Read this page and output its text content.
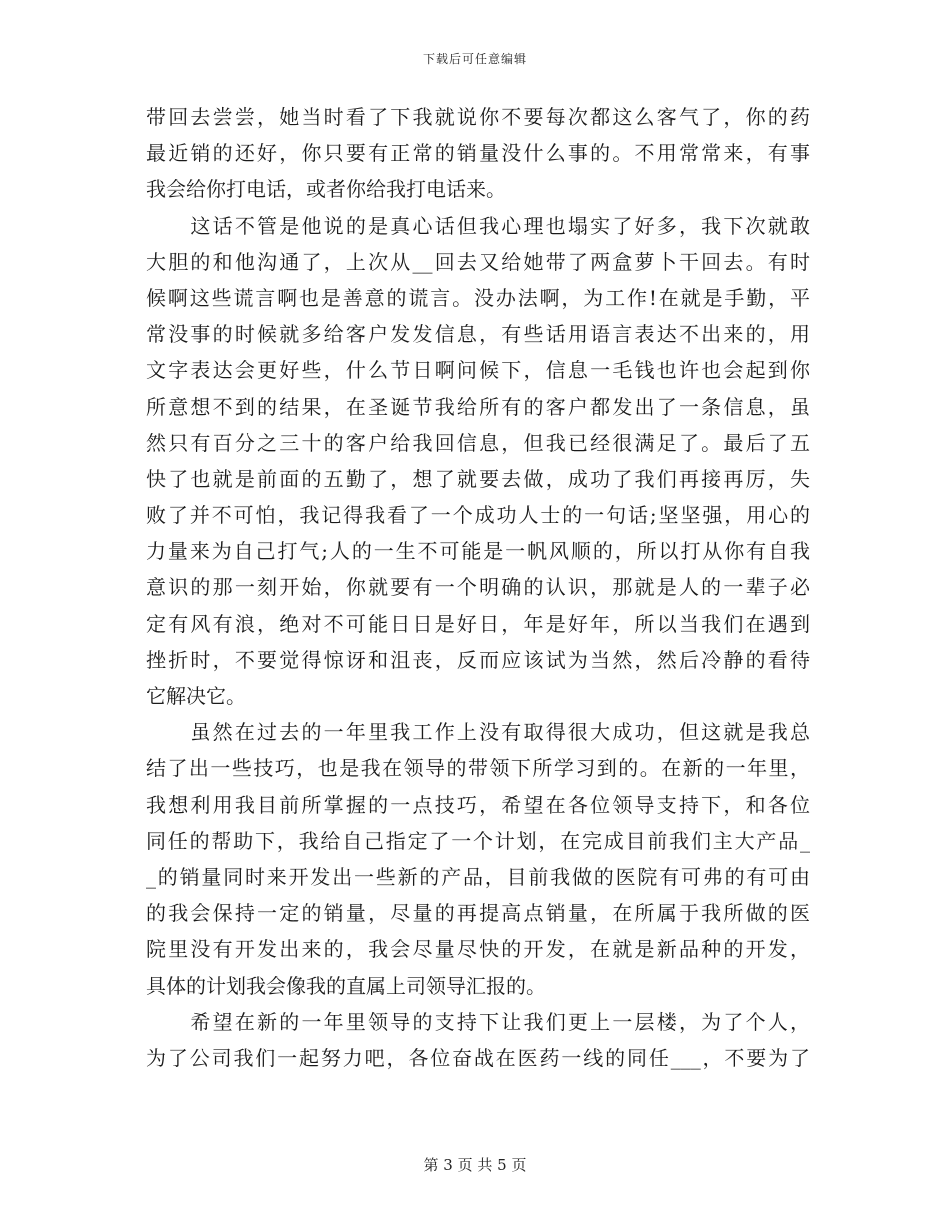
下载后可任意编辑
带回去尝尝，她当时看了下我就说你不要每次都这么客气了，你的药
最近销的还好，你只要有正常的销量没什么事的。不用常常来，有事
我会给你打电话，或者你给我打电话来。
　　这话不管是他说的是真心话但我心理也塌实了好多，我下次就敢
大胆的和他沟通了，上次从__回去又给她带了两盒萝卜干回去。有时
候啊这些谎言啊也是善意的谎言。没办法啊，为工作!在就是手勤，平
常没事的时候就多给客户发发信息，有些话用语言表达不出来的，用
文字表达会更好些，什么节日啊问候下，信息一毛钱也许也会起到你
所意想不到的结果，在圣诞节我给所有的客户都发出了一条信息，虽
然只有百分之三十的客户给我回信息，但我已经很满足了。最后了五
快了也就是前面的五勤了，想了就要去做，成功了我们再接再厉，失
败了并不可怕，我记得我看了一个成功人士的一句话;坚坚强，用心的
力量来为自己打气;人的一生不可能是一帆风顺的，所以打从你有自我
意识的那一刻开始，你就要有一个明确的认识，那就是人的一辈子必
定有风有浪，绝对不可能日日是好日，年是好年，所以当我们在遇到
挫折时，不要觉得惊讶和沮丧，反而应该试为当然，然后冷静的看待
它解决它。
　　虽然在过去的一年里我工作上没有取得很大成功，但这就是我总
结了出一些技巧，也是我在领导的带领下所学习到的。在新的一年里，
我想利用我目前所掌握的一点技巧，希望在各位领导支持下，和各位
同任的帮助下，我给自己指定了一个计划，在完成目前我们主大产品_
_的销量同时来开发出一些新的产品，目前我做的医院有可弗的有可由
的我会保持一定的销量，尽量的再提高点销量，在所属于我所做的医
院里没有开发出来的，我会尽量尽快的开发，在就是新品种的开发，
具体的计划我会像我的直属上司领导汇报的。
　　希望在新的一年里领导的支持下让我们更上一层楼，为了个人，
为了公司我们一起努力吧，各位奋战在医药一线的同任___，不要为了
第 3 页 共 5 页
